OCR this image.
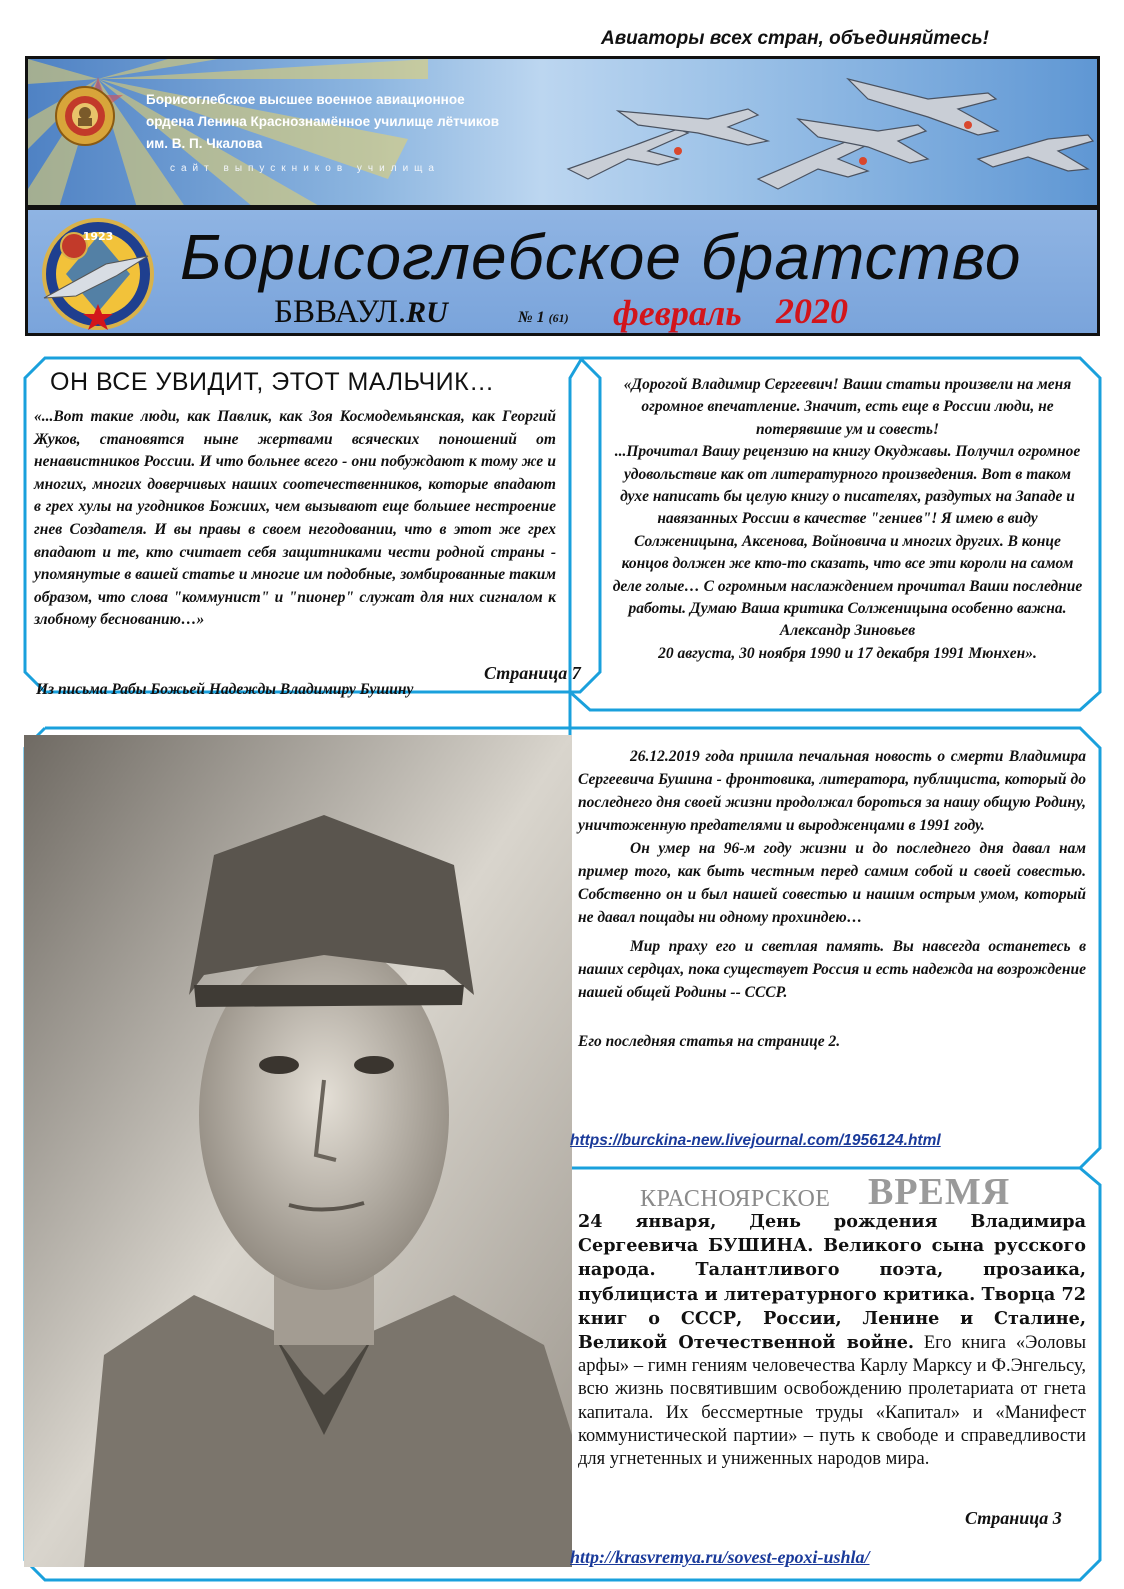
Авиаторы всех стран, объединяйтесь!
Борисоглебское высшее военное авиационное
ордена Ленина Краснознамённое училище лётчиков
им. В. П. Чкалова
сайт выпускников училища
1923 Борисоглебское братство
БВВАУЛ.RU	№ 1 (61) февраль 2020
ОН ВСЕ УВИДИТ, ЭТОТ МАЛЬЧИК…

«...Вот такие люди, как Павлик, как Зоя Космодемьянская, как Георгий Жуков, становятся ныне жертвами всяческих поношений от ненавистников России. И что больнее всего - они побуждают к тому же и многих, многих доверчивых наших соотечественников, которые впадают в грех хулы на угодников Божиих, чем вызывают еще большее нестроение гнев Создателя. И вы правы в своем негодовании, что в этот же грех впадают и те, кто считает себя защитниками чести родной страны - упомянутые в вашей статье и многие им подобные, зомбированные таким образом, что слова "коммунист" и "пионер" служат для них сигналом к злобному беснованию…»

Страница 7
Из письма Рабы Божьей Надежды Владимиру Бушину

«Дорогой Владимир Сергеевич! Ваши статьи произвели на меня огромное впечатление. Значит, есть еще в России люди, не потерявшие ум и совесть!

...Прочитал Вашу рецензию на книгу Окуджавы. Получил огромное удовольствие как от литературного произведения. Вот в таком духе написать бы целую книгу о писателях, раздутых на Западе и навязанных России в качестве "гениев"! Я имею в виду Солженицына, Аксенова, Войновича и многих других. В конце концов должен же кто-то сказать, что все эти короли на самом деле голые… С огромным наслаждением прочитал Ваши последние работы. Думаю Ваша критика Солженицына особенно важна.

Александр Зиновьев

20 августа, 30 ноября 1990 и 17 декабря 1991 Мюнхен».

26.12.2019 года пришла печальная новость о смерти Владимира Сергеевича Бушина - фронтовика, литератора, публициста, который до последнего дня своей жизни продолжал бороться за нашу общую Родину, уничтоженную предателями и выродженцами в 1991 году.

Он умер на 96-м году жизни и до последнего дня давал нам пример того, как быть честным перед самим собой и своей совестью. Собственно он и был нашей совестью и нашим острым умом, который не давал пощады ни одному прохиндею…

Мир праху его и светлая память. Вы навсегда останетесь в наших сердцах, пока существует Россия и есть надежда на возрождение нашей общей Родины -- СССР.

Его последняя статья на странице 2.

https://burckina-new.livejournal.com/1956124.html
КРАСНОЯРСКОЕ ВРЕМЯ

24 января, День рождения Владимира Сергеевича БУШИНА. Великого сына русского народа. Талантливого поэта, прозаика, публициста и литературного критика. Творца 72 книг о СССР, России, Ленине и Сталине, Великой Отечественной войне. Его книга «Эоловы арфы» – гимн гениям человечества Карлу Марксу и Ф.Энгельсу, всю жизнь посвятившим освобождению пролетариата от гнета капитала. Их бессмертные труды «Капитал» и «Манифест коммунистической партии» – путь к свободе и справедливости для угнетенных и униженных народов мира.

Страница 3
http://krasvremya.ru/sovest-epoxi-ushla/
